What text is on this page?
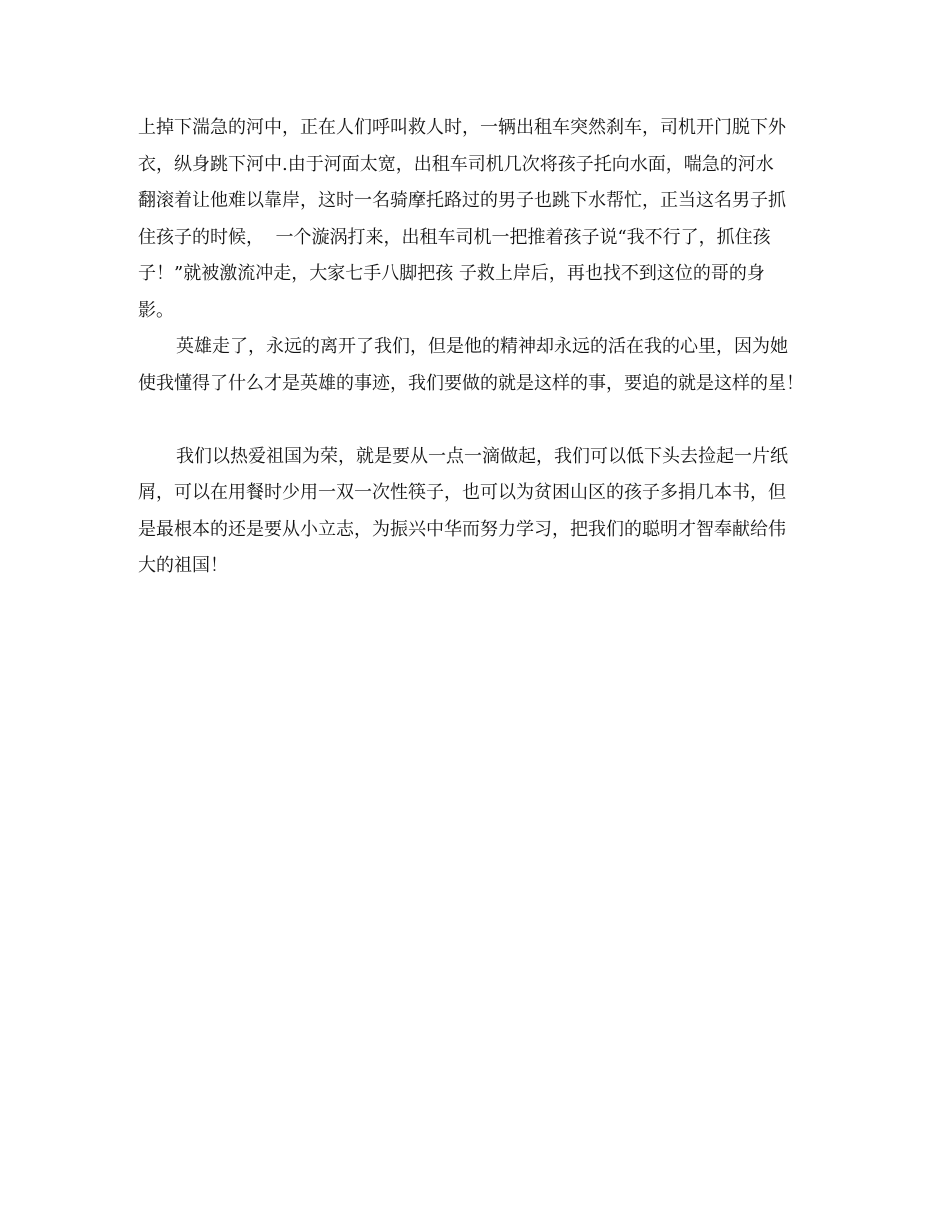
上掉下湍急的河中，正在人们呼叫救人时，一辆出租车突然刹车，司机开门脱下外
衣，纵身跳下河中.由于河面太宽，出租车司机几次将孩子托向水面，喘急的河水
翻滚着让他难以靠岸，这时一名骑摩托路过的男子也跳下水帮忙，正当这名男子抓
住孩子的时候，  一个漩涡打来，出租车司机一把推着孩子说“我不行了，抓住孩
子！”就被激流冲走，大家七手八脚把孩 子救上岸后，再也找不到这位的哥的身
影。
英雄走了，永远的离开了我们，但是他的精神却永远的活在我的心里，因为她
使我懂得了什么才是英雄的事迹，我们要做的就是这样的事，要追的就是这样的星！
我们以热爱祖国为荣，就是要从一点一滴做起，我们可以低下头去捡起一片纸
屑，可以在用餐时少用一双一次性筷子，也可以为贫困山区的孩子多捐几本书，但
是最根本的还是要从小立志，为振兴中华而努力学习，把我们的聪明才智奉献给伟
大的祖国！
